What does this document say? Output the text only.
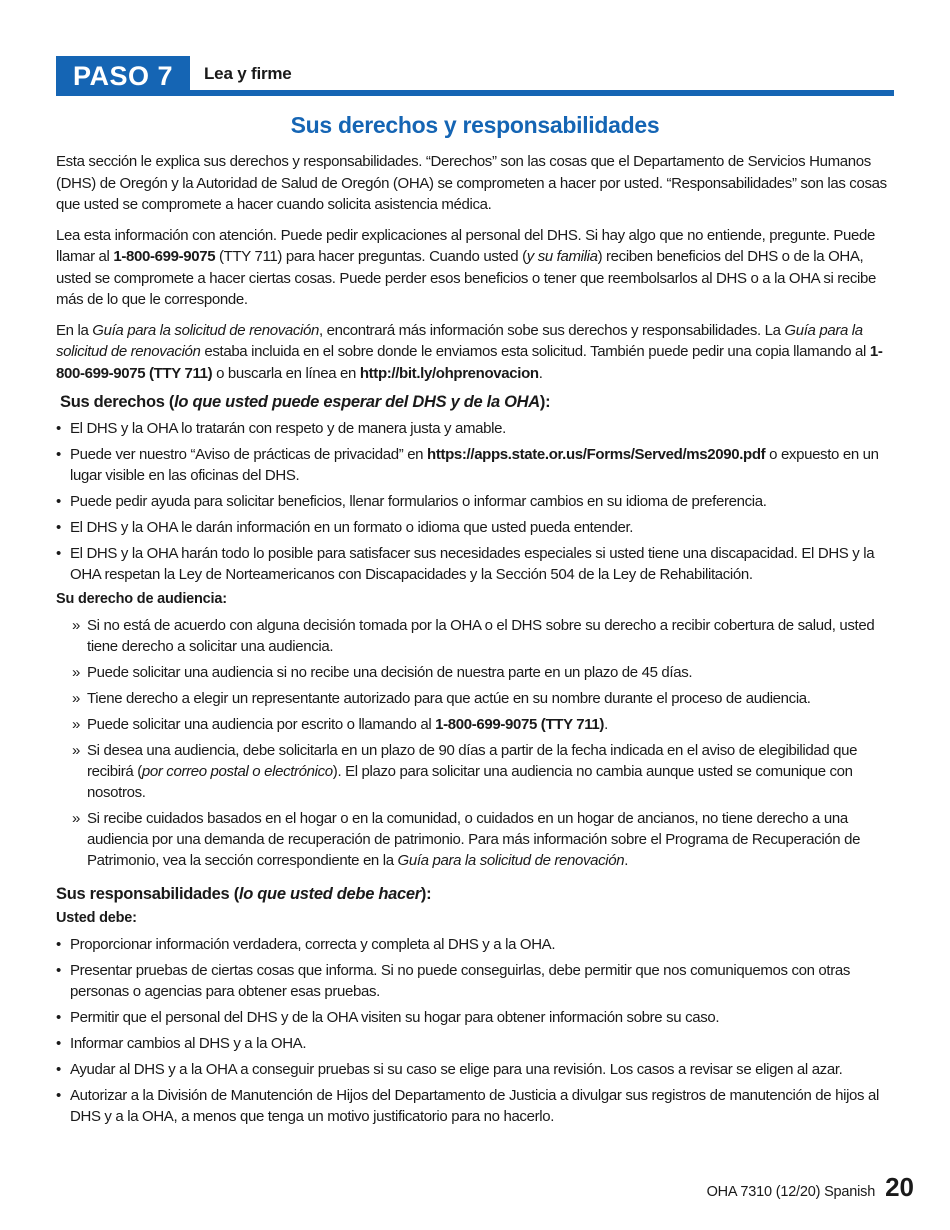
PASO 7	Lea y firme
Sus derechos y responsabilidades

Esta sección le explica sus derechos y responsabilidades. “Derechos” son las cosas que el Departamento de Servicios Humanos (DHS) de Oregón y la Autoridad de Salud de Oregón (OHA) se comprometen a hacer por usted. “Responsabilidades” son las cosas que usted se compromete a hacer cuando solicita asistencia médica.

Lea esta información con atención. Puede pedir explicaciones al personal del DHS. Si hay algo que no entiende, pregunte. Puede llamar al 1-800-699-9075 (TTY 711) para hacer preguntas. Cuando usted (y su familia) reciben beneficios del DHS o de la OHA, usted se compromete a hacer ciertas cosas. Puede perder esos beneficios o tener que reembolsarlos al DHS o a la OHA si recibe más de lo que le corresponde.

En la Guía para la solicitud de renovación, encontrará más información sobe sus derechos y responsabilidades. La Guía para la solicitud de renovación estaba incluida en el sobre donde le enviamos esta solicitud. También puede pedir una copia llamando al 1-800-699-9075 (TTY 711) o buscarla en línea en http://bit.ly/ohprenovacion.

Sus derechos (lo que usted puede esperar del DHS y de la OHA):
• El DHS y la OHA lo tratarán con respeto y de manera justa y amable.
• Puede ver nuestro “Aviso de prácticas de privacidad” en https://apps.state.or.us/Forms/Served/ms2090.pdf o expuesto en un lugar visible en las oficinas del DHS.
• Puede pedir ayuda para solicitar beneficios, llenar formularios o informar cambios en su idioma de preferencia.
• El DHS y la OHA le darán información en un formato o idioma que usted pueda entender.
• El DHS y la OHA harán todo lo posible para satisfacer sus necesidades especiales si usted tiene una discapacidad. El DHS y la OHA respetan la Ley de Norteamericanos con Discapacidades y la Sección 504 de la Ley de Rehabilitación.
Su derecho de audiencia:
» Si no está de acuerdo con alguna decisión tomada por la OHA o el DHS sobre su derecho a recibir cobertura de salud, usted tiene derecho a solicitar una audiencia.
» Puede solicitar una audiencia si no recibe una decisión de nuestra parte en un plazo de 45 días.
» Tiene derecho a elegir un representante autorizado para que actúe en su nombre durante el proceso de audiencia.
» Puede solicitar una audiencia por escrito o llamando al 1-800-699-9075 (TTY 711).
» Si desea una audiencia, debe solicitarla en un plazo de 90 días a partir de la fecha indicada en el aviso de elegibilidad que recibirá (por correo postal o electrónico). El plazo para solicitar una audiencia no cambia aunque usted se comunique con nosotros.
» Si recibe cuidados basados en el hogar o en la comunidad, o cuidados en un hogar de ancianos, no tiene derecho a una audiencia por una demanda de recuperación de patrimonio. Para más información sobre el Programa de Recuperación de Patrimonio, vea la sección correspondiente en la Guía para la solicitud de renovación.
Sus responsabilidades (lo que usted debe hacer):
Usted debe:
• Proporcionar información verdadera, correcta y completa al DHS y a la OHA.
• Presentar pruebas de ciertas cosas que informa. Si no puede conseguirlas, debe permitir que nos comuniquemos con otras personas o agencias para obtener esas pruebas.
• Permitir que el personal del DHS y de la OHA visiten su hogar para obtener información sobre su caso.
• Informar cambios al DHS y a la OHA.
• Ayudar al DHS y a la OHA a conseguir pruebas si su caso se elige para una revisión. Los casos a revisar se eligen al azar.
• Autorizar a la División de Manutención de Hijos del Departamento de Justicia a divulgar sus registros de manutención de hijos al DHS y a la OHA, a menos que tenga un motivo justificatorio para no hacerlo.
OHA 7310 (12/20) Spanish 20
